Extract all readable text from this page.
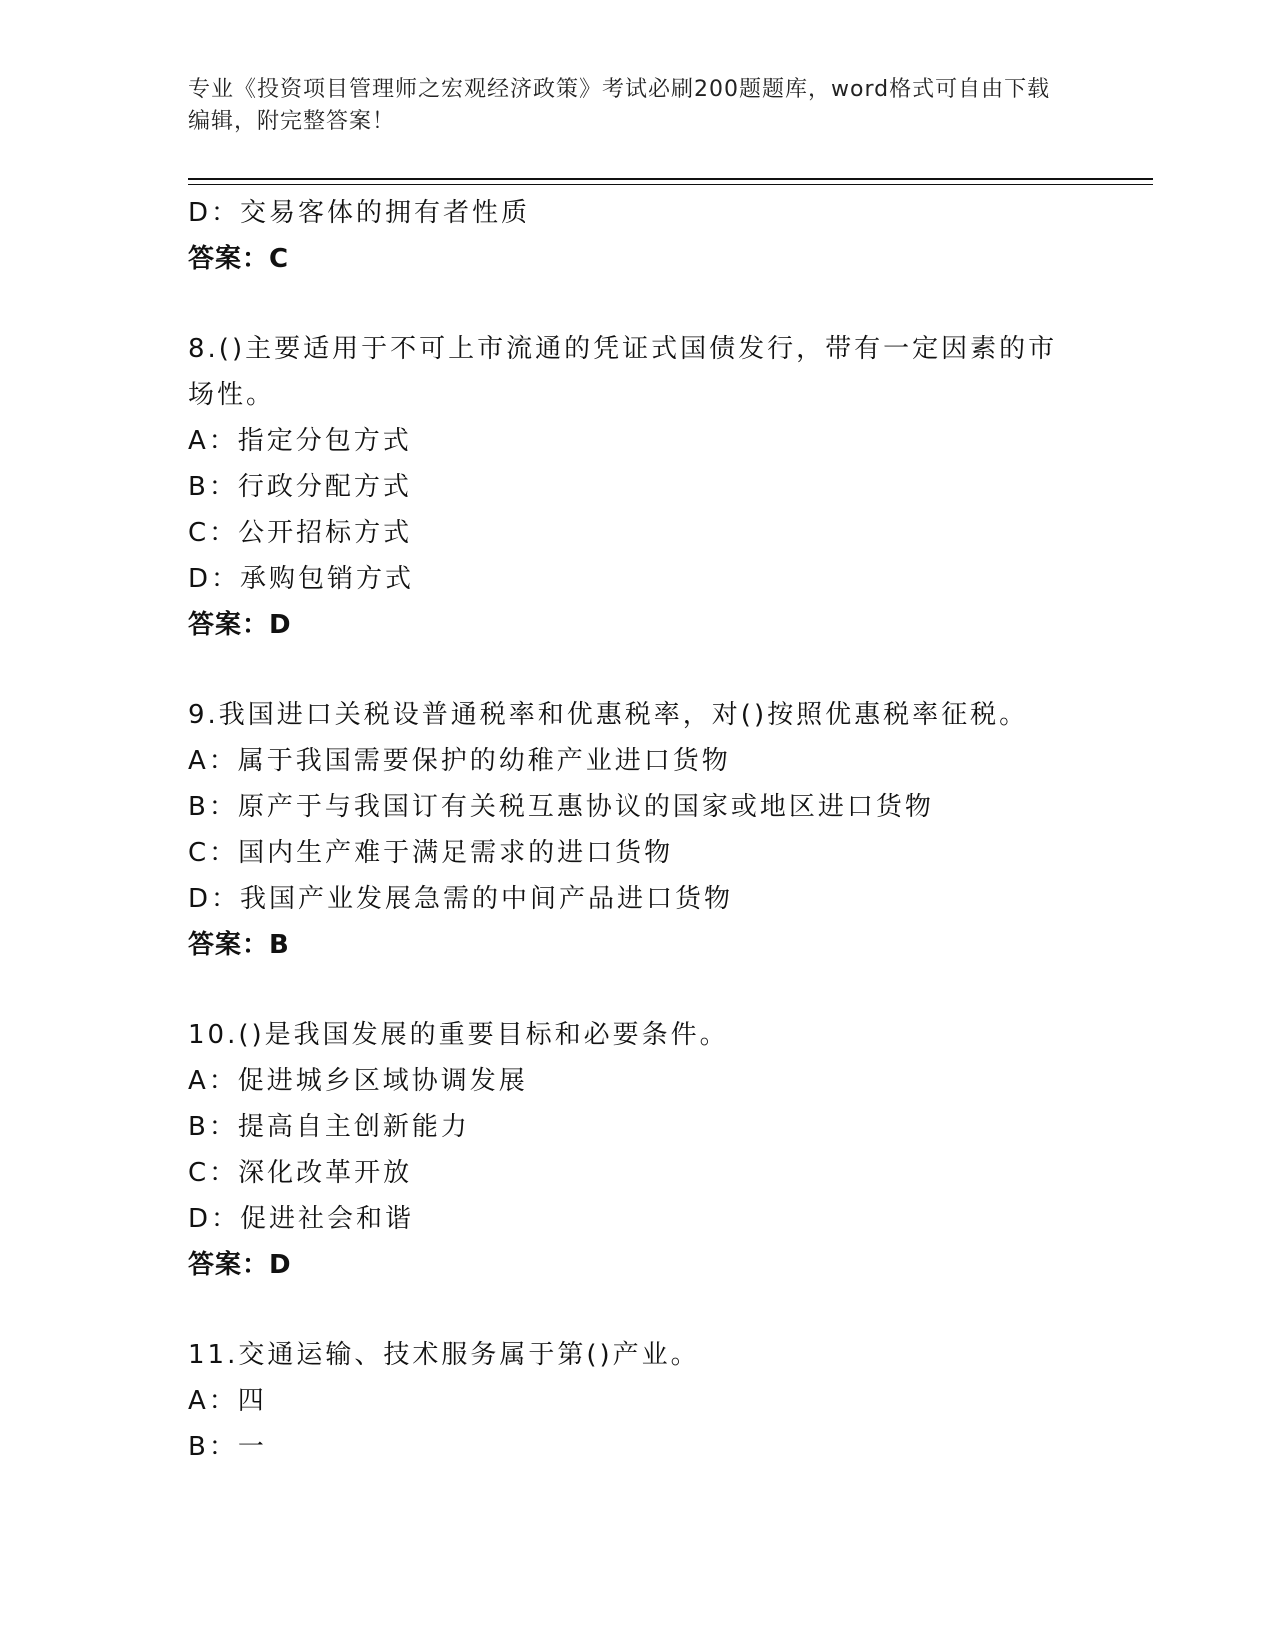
专业《投资项目管理师之宏观经济政策》考试必刷200题题库，word格式可自由下载编辑，附完整答案！
D：交易客体的拥有者性质
答案：C
8.()主要适用于不可上市流通的凭证式国债发行，带有一定因素的市场性。
A：指定分包方式
B：行政分配方式
C：公开招标方式
D：承购包销方式
答案：D
9.我国进口关税设普通税率和优惠税率，对()按照优惠税率征税。
A：属于我国需要保护的幼稚产业进口货物
B：原产于与我国订有关税互惠协议的国家或地区进口货物
C：国内生产难于满足需求的进口货物
D：我国产业发展急需的中间产品进口货物
答案：B
10.()是我国发展的重要目标和必要条件。
A：促进城乡区域协调发展
B：提高自主创新能力
C：深化改革开放
D：促进社会和谐
答案：D
11.交通运输、技术服务属于第()产业。
A：四
B：一
